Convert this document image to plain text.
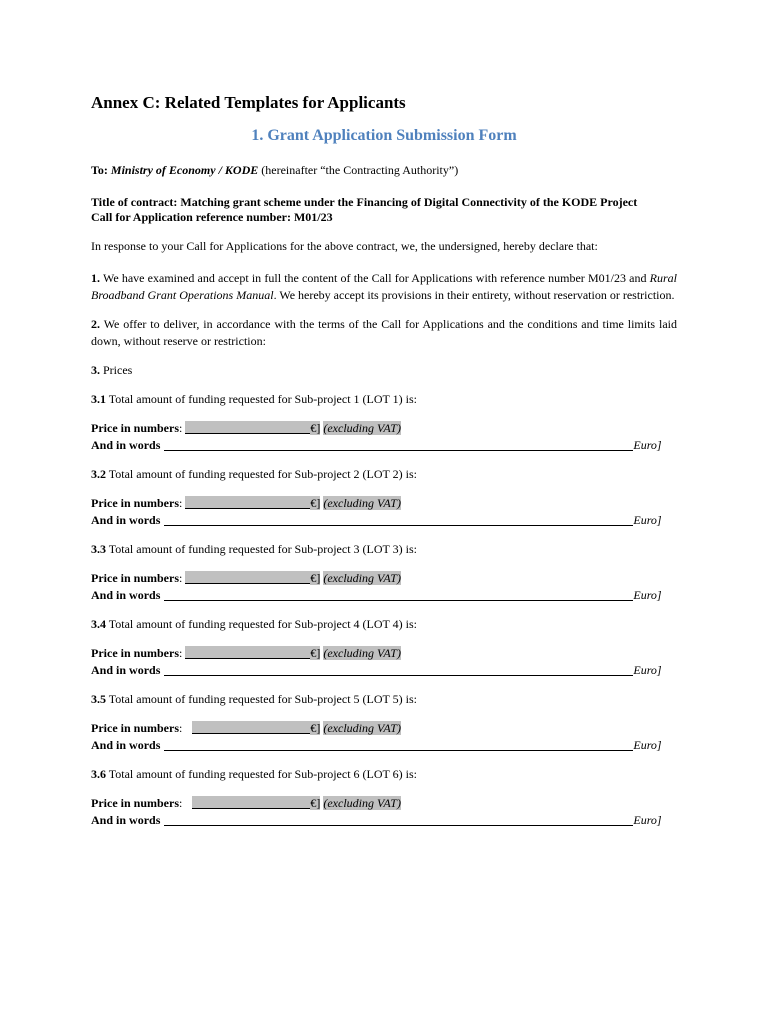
Annex C: Related Templates for Applicants
1. Grant Application Submission Form

To: Ministry of Economy / KODE (hereinafter “the Contracting Authority”)

Title of contract: Matching grant scheme under the Financing of Digital Connectivity of the KODE Project
Call for Application reference number: M01/23

In response to your Call for Applications for the above contract, we, the undersigned, hereby declare that:

1. We have examined and accept in full the content of the Call for Applications with reference number M01/23 and Rural Broadband Grant Operations Manual. We hereby accept its provisions in their entirety, without reservation or restriction.

2. We offer to deliver, in accordance with the terms of the Call for Applications and the conditions and time limits laid down, without reserve or restriction:

3. Prices

3.1 Total amount of funding requested for Sub-project 1 (LOT 1) is:

Price in numbers:	€] (excluding VAT)
And in words	Euro]

3.2 Total amount of funding requested for Sub-project 2 (LOT 2) is:

Price in numbers:	€] (excluding VAT)
And in words	Euro]

3.3 Total amount of funding requested for Sub-project 3 (LOT 3) is:

Price in numbers:	€] (excluding VAT)
And in words	Euro]

3.4 Total amount of funding requested for Sub-project 4 (LOT 4) is:

Price in numbers:	€] (excluding VAT)
And in words	Euro]

3.5 Total amount of funding requested for Sub-project 5 (LOT 5) is:

Price in numbers:	€] (excluding VAT)
And in words	Euro]

3.6 Total amount of funding requested for Sub-project 6 (LOT 6) is:

Price in numbers:	€] (excluding VAT)
And in words	Euro]
